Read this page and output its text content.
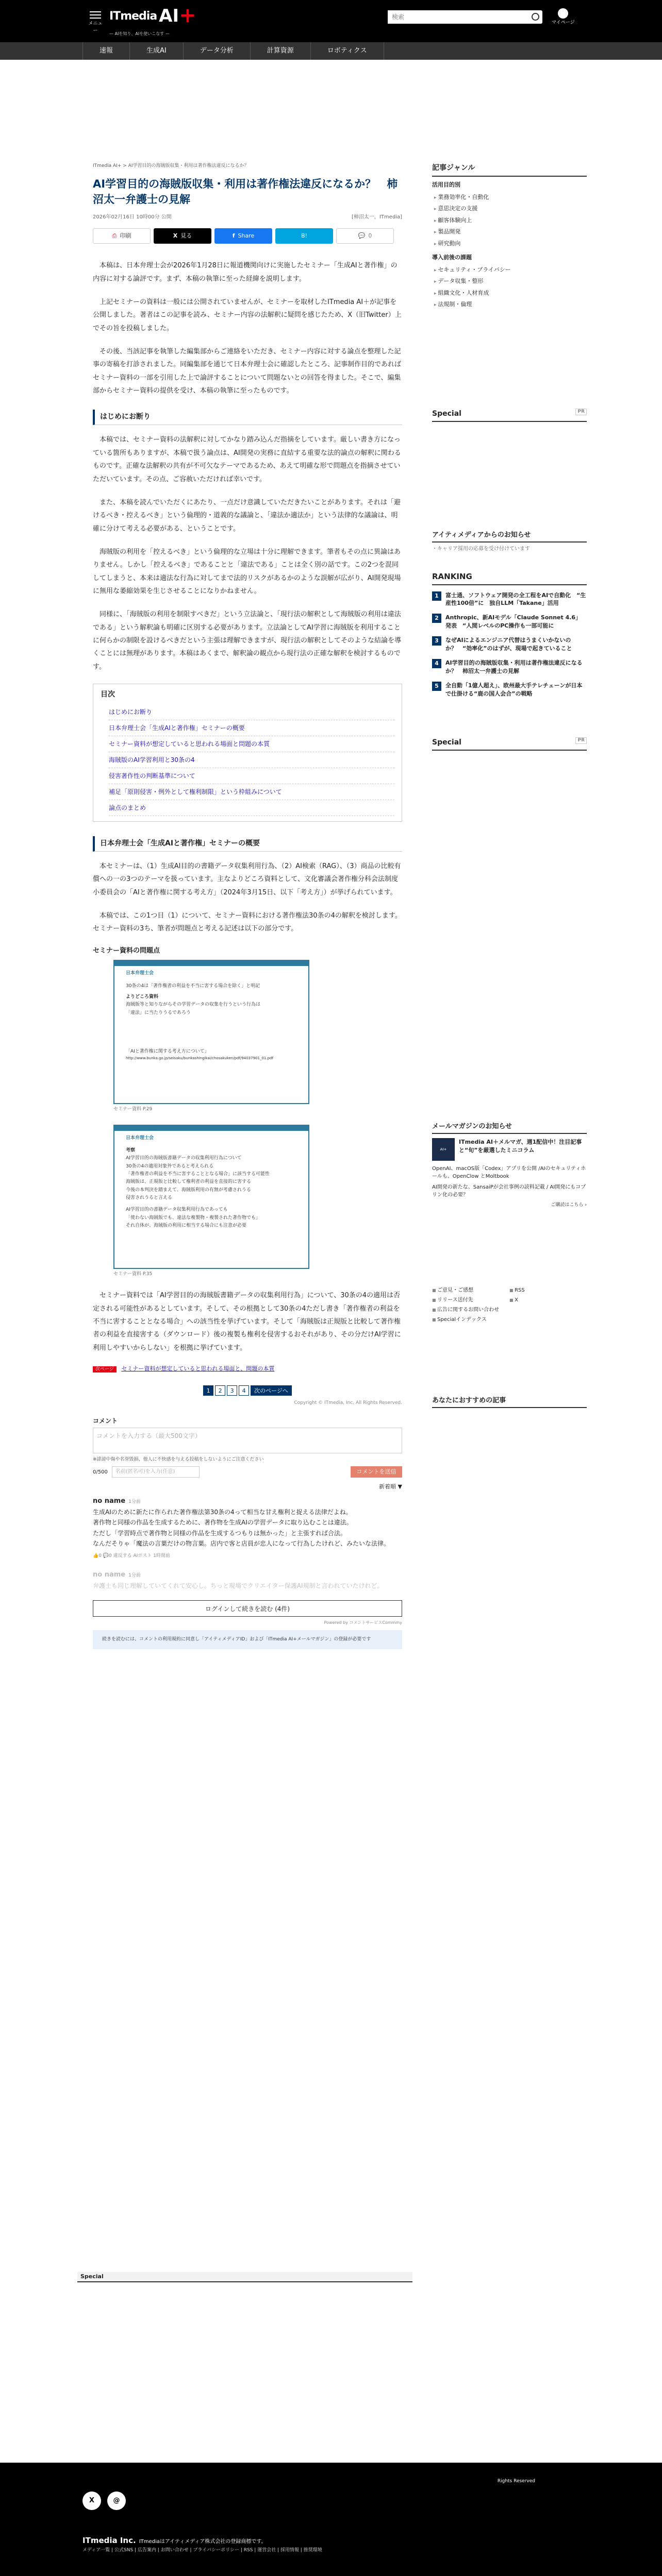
メニュー
ITmedia AI +
— AIを知り、AIを使いこなす —
検索
マイページ
速報	生成AI	データ分析	計算資源	ロボティクス
ITmedia AI+ > AI学習目的の海賊版収集・利用は著作権法違反になるか？
AI学習目的の海賊版収集・利用は著作権法違反になるか？　柿沼太一弁護士の見解
2026年02月16日 10時00分 公開	[柿沼太一，ITmedia]
⎙ 印刷	X 見る	f Share	B!	💬 0

本稿は、日本弁理士会が2026年1月28日に報道機関向けに実施したセミナー「生成AIと著作権」の内容に対する論評です。まず、本稿の執筆に至った経緯を説明します。

上記セミナーの資料は一般には公開されていませんが、セミナーを取材したITmedia AI＋が記事を公開しました。著者はこの記事を読み、セミナー内容の法解釈に疑問を感じたため、X（旧Twitter）上でその旨を投稿しました。

その後、当該記事を執筆した編集部からご連絡をいただき、セミナー内容に対する論点を整理した記事の寄稿を打診されました。同編集部を通じて日本弁理士会に確認したところ、記事制作目的であればセミナー資料の一部を引用した上で論評することについて問題ないとの回答を得ました。そこで、編集部からセミナー資料の提供を受け、本稿の執筆に至ったものです。

はじめにお断り

本稿では、セミナー資料の法解釈に対してかなり踏み込んだ指摘をしています。厳しい書き方になっている箇所もありますが、本稿で扱う論点は、AI開発の実務に直結する重要な法的論点の解釈に関わるものです。正確な法解釈の共有が不可欠なテーマであるため、あえて明確な形で問題点を指摘させていただいています。その点、ご容赦いただければ幸いです。

また、本稿を読んでいただくにあたり、一点だけ意識していただきたいことがあります。それは「避けるべき・控えるべき」という倫理的・道義的な議論と、「違法か適法か」という法律的な議論は、明確に分けて考える必要がある、ということです。

海賊版の利用を「控えるべき」という倫理的な立場は十分に理解できます。筆者もその点に異論はありません。しかし「控えるべき」であることと「違法である」ことは全く別の話です。この2つを混同してしまうと、本来は適法な行為に対してまで法的リスクがあるかのような誤解が広がり、AI開発現場に無用な萎縮効果を生じさせることになりかねません。

同様に、「海賊版の利用を制限すべきだ」という立法論と、「現行法の解釈として海賊版の利用は違法である」という解釈論も明確に区別する必要があります。立法論としてAI学習に海賊版を利用することに何らかの制限を設けるべきだという主張は理解できますが、現行法の解釈としてそのような結論を導くことには無理があります。本稿はあくまで、解釈論の観点から現行法の正確な解釈を検討するものです。

目次
はじめにお断り
日本弁理士会「生成AIと著作権」セミナーの概要
セミナー資料が想定していると思われる場面と問題の本質
海賊版のAI学習利用と30条の4
侵害著作性の判断基準について
補足「原則侵害・例外として権利制限」という枠組みについて
論点のまとめ
日本弁理士会「生成AIと著作権」セミナーの概要

本セミナーは、（1）生成AI目的の書籍データ収集利用行為、（2）AI検索（RAG）、（3）商品の比較有償への一の3つのテーマを扱っています。主なよりどころ資料として、文化審議会著作権分科会法制度小委員会の「AIと著作権に関する考え方」（2024年3月15日、以下「考え方」）が挙げられています。

本稿では、この1つ目（1）について、セミナー資料における著作権法30条の4の解釈を検討します。セミナー資料の3ち、筆者が問題点と考える記述は以下の部分です。

セミナー資料の問題点
日本弁理士会
30条の4は「著作権者の利益を不当に害する場合を除く」と明記
よりどころ資料
海賊版等と知りながらその学習データの収集を行うという行為は
「違法」に当たりうるであろう
「AIと著作権に関する考え方について」
http://www.bunka.go.jp/seisaku/bunkashingikai/chosakuken/pdf/94037901_01.pdf
セミナー資料 P.29
日本弁理士会
考察
AI学習目的の海賊版書籍データの収集利用行為について
30条の4の適用対象外であると考えられる
「著作権者の利益を不当に害することとなる場合」に該当する可能性
海賊版は、正規版と比較して権利者の利益を直接的に害する
今後の本判決を踏まえて、海賊版利用の有無が考慮されうる
侵害されうると言える
AI学習目的の書籍データ収集利用行為であっても
「使わない海賊版でも、違法な複製物・複製された著作物でも」
それ自体が、海賊版の利用に相当する場合にも注意が必要
セミナー資料 P.35

セミナー資料では「AI学習目的の海賊版書籍データの収集利用行為」について、30条の4の適用は否定される可能性があるとしています。そして、その根拠として30条の4ただし書き「著作権者の利益を不当に害することとなる場合」への該当性を挙げています。そして「海賊版は正規版と比較して著作権者の利益を直接害する（ダウンロード）後の複製も権利を侵害するおそれがあり、その分だけAI学習に利用しやすいからしない」を根拠に挙げています。

次ページ セミナー資料が想定していると思われる場面と、問題の本質
1	2	3	4	次のページへ
Copyright © ITmedia, Inc. All Rights Reserved.
コメント
コメントを入力する（最大500文字）
※誹謗中傷や名誉毀損、他人に不快感を与える投稿をしないようにご注意ください
0/500	名前(匿名可)を入力(任意)	コメントを送信
新着順 ▼
no name 1分前
生成AIのために新たに作られた著作権法第30条の4って相当な甘え権利と捉える法律だよね。
著作物と同様の作品を生成するために、著作物を生成AIの学習データに取り込むことは違法。
ただし「学習時点で著作物と同様の作品を生成するつもりは無かった」と主張すれば合法。
なんだそりゃ「魔法の言葉だけの物言葉。店内で客と店員が忠人になって行為したけれど、みたいな法律。
👍0 💬0 違反する AIポスト 1時間前
no name 1分前
弁護士も同じ理解していてくれて安心し。ちっと現場でクリエイター保護AI規制と言われていたけれど。
ログインして続きを読む (4件)
Powered by コメントサービスCommmy
続きを読むには、コメントの利用規約に同意し「アイティメディアID」および「ITmedia AI+メールマガジン」の登録が必要です
記事ジャンル
活用目的別
▸ 業務効率化・自動化
▸ 意思決定の支援
▸ 顧客体験向上
▸ 製品開発
▸ 研究動向
導入前後の課題
▸ セキュリティ・プライバシー
▸ データ収集・整形
▸ 組織文化・人材育成
▸ 法規制・倫理
Special	PR
アイティメディアからのお知らせ
・キャリア採用の応募を受け付けています
RANKING
1	富士通、ソフトウェア開発の全工程をAIで自動化　“生産性100倍”に　独自LLM「Takane」活用
2	Anthropic、新AIモデル「Claude Sonnet 4.6」発表　“人間レベルのPC操作も一部可能に
3	なぜAIによるエンジニア代替はうまくいかないのか？　“効率化”のはずが、現場で起きていること
4	AI学習目的の海賊版収集・利用は著作権法違反になるか？　柿沼太一弁護士の見解
5	全自動「1億人超え」、欧州最大手テレチェーンが日本で仕掛ける“鹿の国人会合”の戦略
Special	PR
メールマガジンのお知らせ
AI+
ITmedia AI＋メルマガ、週1配信中！注目記事と“旬”を厳選したミニコラム
OpenAI、macOS版「Codex」アプリを公開 /AIのセキュリティホールも、OpenClow とMoltbook
AI開発の新たな、SansaiPが会社事例の読料記載 / AI開発にもコプリン化の必要？
ご購読はこちら ›
■ ご意見・ご感想	■ RSS
■ リリース送付先	■ X
■ 広告に関するお問い合わせ
■ Specialインデックス
あなたにおすすめの記事
Special
Rights Reserved
X	@
ITmedia Inc. ITmediaはアイティメディア株式会社の登録商標です。
メディア一覧 | 公式SNS | 広告案内 | お問い合わせ | プライバシーポリシー | RSS | 運営会社 | 採用情報 | 推奨環境
